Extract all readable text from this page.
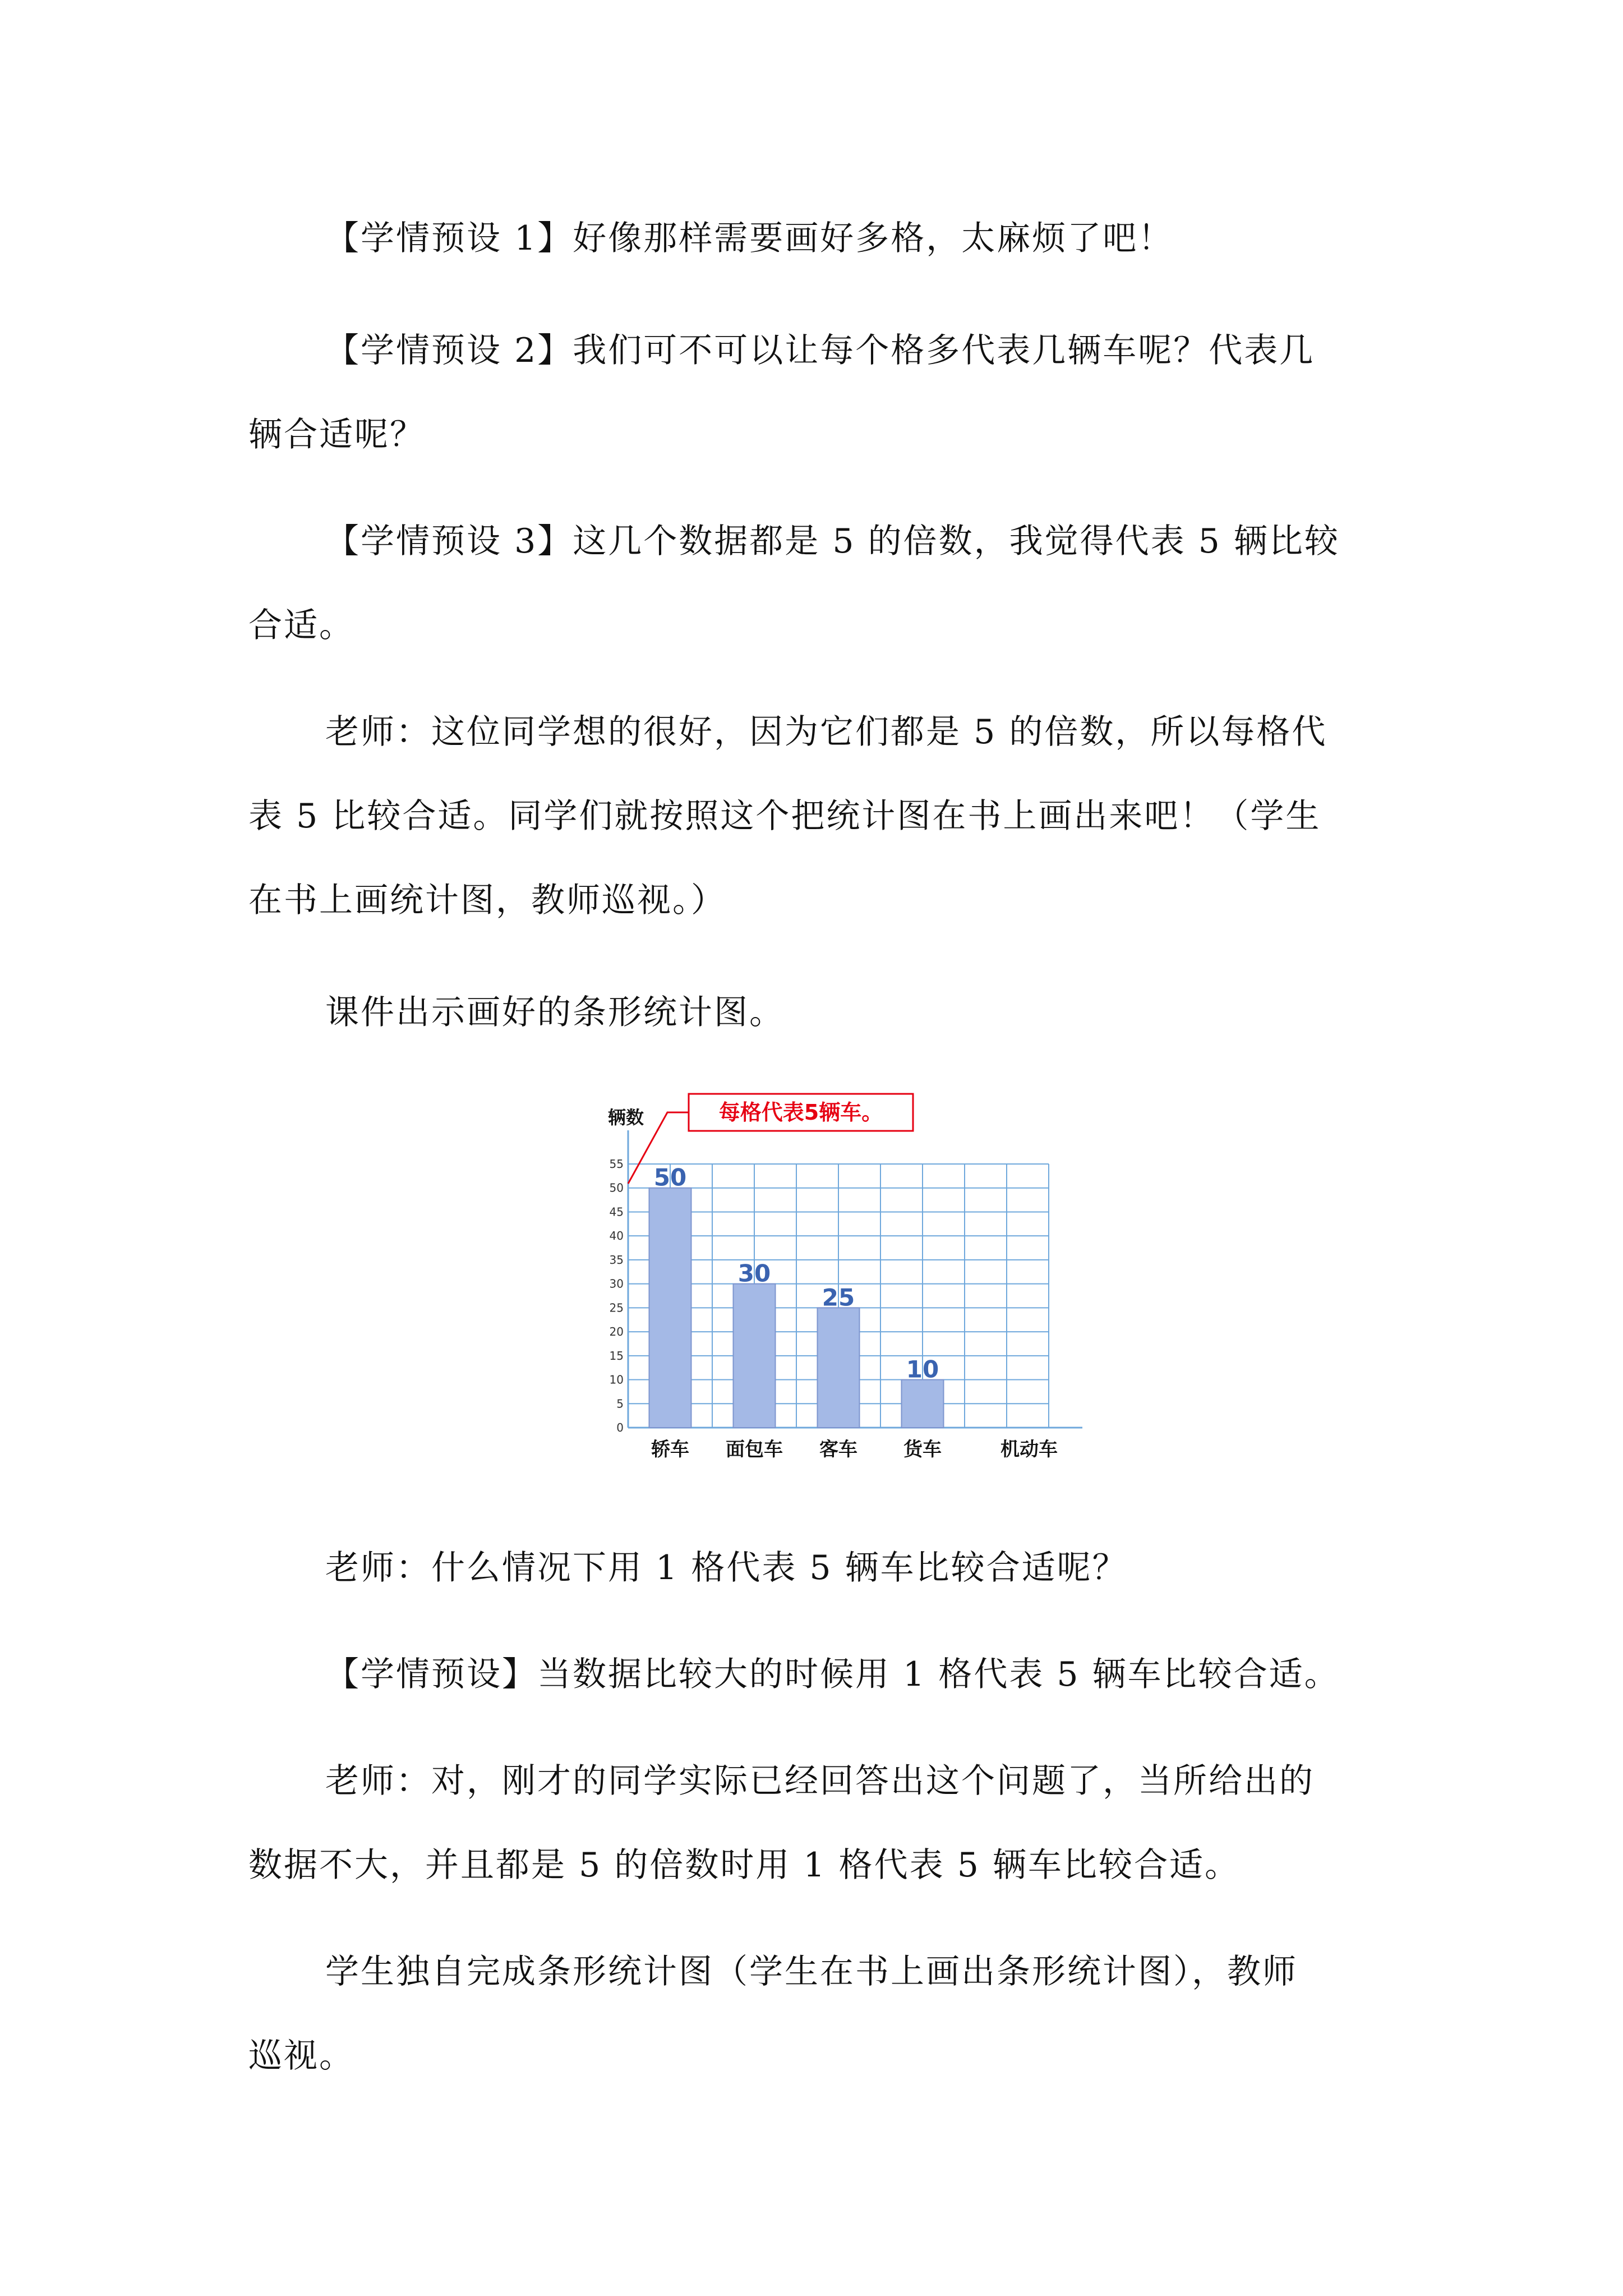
【学情预设 1】好像那样需要画好多格，太麻烦了吧！
【学情预设 2】我们可不可以让每个格多代表几辆车呢？代表几
辆合适呢？
【学情预设 3】这几个数据都是 5 的倍数，我觉得代表 5 辆比较
合适。
老师：这位同学想的很好，因为它们都是 5 的倍数，所以每格代
表 5 比较合适。同学们就按照这个把统计图在书上画出来吧！（学生
在书上画统计图，教师巡视。）
课件出示画好的条形统计图。
0
5
10
15
20
25
30
35
40
45
50
55 50
轿车
30
面包车
25
客车
10
货车	机动车
辆数	每格代表5辆车。
老师：什么情况下用 1 格代表 5 辆车比较合适呢？
【学情预设】当数据比较大的时候用 1 格代表 5 辆车比较合适。
老师：对，刚才的同学实际已经回答出这个问题了，当所给出的
数据不大，并且都是 5 的倍数时用 1 格代表 5 辆车比较合适。
学生独自完成条形统计图（学生在书上画出条形统计图），教师
巡视。
